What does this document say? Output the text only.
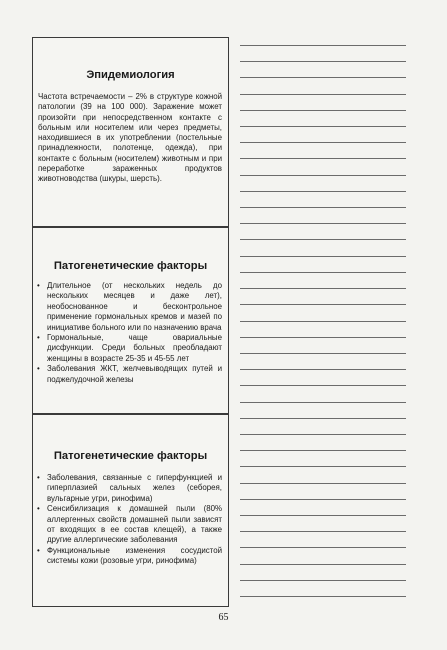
Эпидемиология

Частота встречаемости – 2% в структуре кожной патологии (39 на 100 000). Заражение может произойти при непосредственном контакте с больным или носителем или через предметы, находившиеся в их употреблении (постельные принадлежности, полотенце, одежда), при контакте с больным (носителем) животным и при переработке зараженных продуктов животноводства (шкуры, шерсть).

Патогенетические факторы
• Длительное (от нескольких недель до нескольких месяцев и даже лет), необоснованное и бесконтрольное применение гормональных кремов и мазей по инициативе больного или по назначению врача
• Гормональные, чаще овариальные дисфункции. Среди больных преобладают женщины в возрасте 25-35 и 45-55 лет
• Заболевания ЖКТ, желчевыводящих путей и поджелудочной железы
Патогенетические факторы
• Заболевания, связанные с гиперфункцией и гиперплазией сальных желез (себорея, вульгарные угри, ринофима)
• Сенсибилизация к домашней пыли (80% аллергенных свойств домашней пыли зависят от входящих в ее состав клещей), а также другие аллергические заболевания
• Функциональные изменения сосудистой системы кожи (розовые угри, ринофима)
65
